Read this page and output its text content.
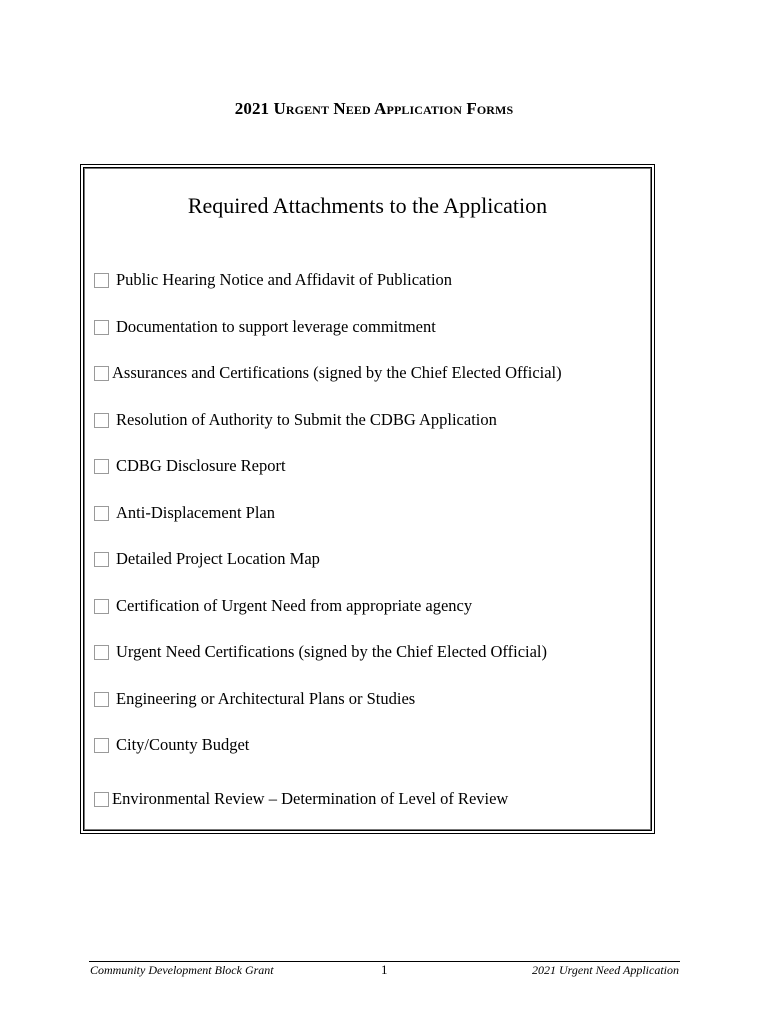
2021 Urgent Need Application Forms
Required Attachments to the Application
Public Hearing Notice and Affidavit of Publication
Documentation to support leverage commitment
Assurances and Certifications (signed by the Chief Elected Official)
Resolution of Authority to Submit the CDBG Application
CDBG Disclosure Report
Anti-Displacement Plan
Detailed Project Location Map
Certification of Urgent Need from appropriate agency
Urgent Need Certifications (signed by the Chief Elected Official)
Engineering or Architectural Plans or Studies
City/County Budget
Environmental Review – Determination of Level of Review
Community Development Block Grant	1	2021 Urgent Need Application
